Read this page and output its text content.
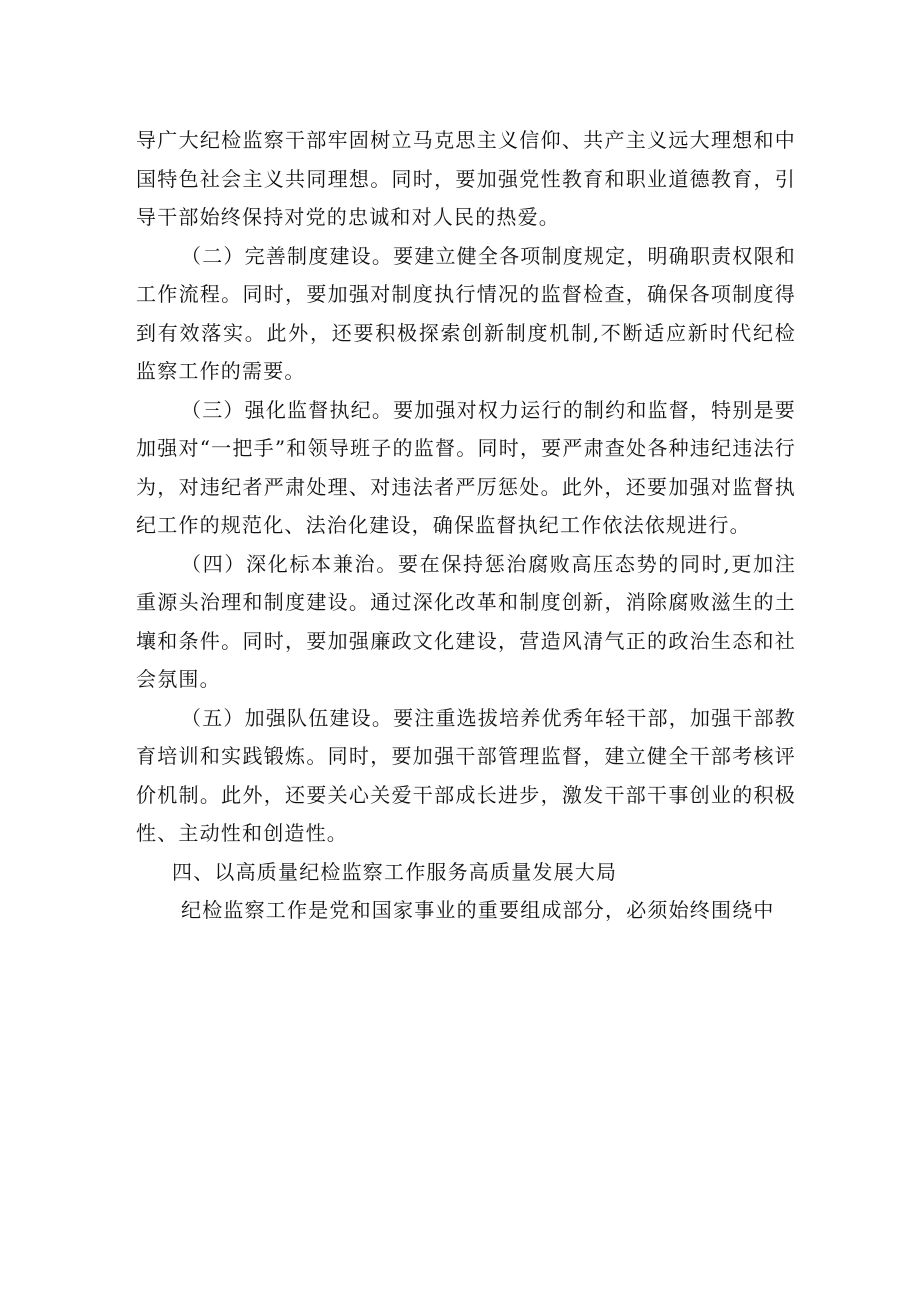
导广大纪检监察干部牢固树立马克思主义信仰、共产主义远大理想和中国特色社会主义共同理想。同时，要加强党性教育和职业道德教育，引导干部始终保持对党的忠诚和对人民的热爱。

（二）完善制度建设。要建立健全各项制度规定，明确职责权限和工作流程。同时，要加强对制度执行情况的监督检查，确保各项制度得到有效落实。此外，还要积极探索创新制度机制,不断适应新时代纪检监察工作的需要。

（三）强化监督执纪。要加强对权力运行的制约和监督，特别是要加强对“一把手”和领导班子的监督。同时，要严肃查处各种违纪违法行为，对违纪者严肃处理、对违法者严厉惩处。此外，还要加强对监督执纪工作的规范化、法治化建设，确保监督执纪工作依法依规进行。

（四）深化标本兼治。要在保持惩治腐败高压态势的同时,更加注重源头治理和制度建设。通过深化改革和制度创新，消除腐败滋生的土壤和条件。同时，要加强廉政文化建设，营造风清气正的政治生态和社会氛围。

（五）加强队伍建设。要注重选拔培养优秀年轻干部，加强干部教育培训和实践锻炼。同时，要加强干部管理监督，建立健全干部考核评价机制。此外，还要关心关爱干部成长进步，激发干部干事创业的积极性、主动性和创造性。

四、以高质量纪检监察工作服务高质量发展大局

纪检监察工作是党和国家事业的重要组成部分，必须始终围绕中
